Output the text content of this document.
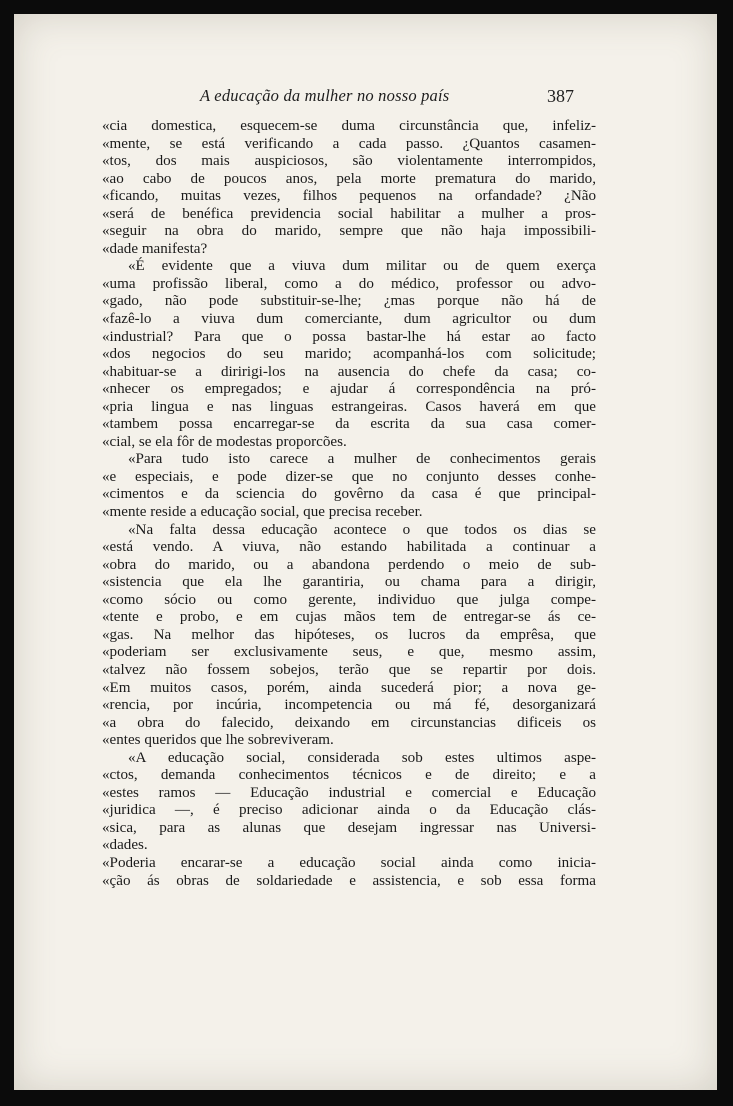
A educação da mulher no nosso país	387
«cia domestica, esquecem-se duma circunstância que, infeliz-
«mente, se está verificando a cada passo. ¿Quantos casamen-
«tos, dos mais auspiciosos, são violentamente interrompidos,
«ao cabo de poucos anos, pela morte prematura do marido,
«ficando, muitas vezes, filhos pequenos na orfandade? ¿Não
«será de benéfica previdencia social habilitar a mulher a pros-
«seguir na obra do marido, sempre que não haja impossibili-
«dade manifesta?
«É evidente que a viuva dum militar ou de quem exerça
«uma profissão liberal, como a do médico, professor ou advo-
«gado, não pode substituir-se-lhe; ¿mas porque não há de
«fazê-lo a viuva dum comerciante, dum agricultor ou dum
«industrial? Para que o possa bastar-lhe há estar ao facto
«dos negocios do seu marido; acompanhá-los com solicitude;
«habituar-se a diririgi-los na ausencia do chefe da casa; co-
«nhecer os empregados; e ajudar á correspondência na pró-
«pria lingua e nas linguas estrangeiras. Casos haverá em que
«tambem possa encarregar-se da escrita da sua casa comer-
«cial, se ela fôr de modestas proporcões.
«Para tudo isto carece a mulher de conhecimentos gerais
«e especiais, e pode dizer-se que no conjunto desses conhe-
«cimentos e da sciencia do govêrno da casa é que principal-
«mente reside a educação social, que precisa receber.
«Na falta dessa educação acontece o que todos os dias se
«está vendo. A viuva, não estando habilitada a continuar a
«obra do marido, ou a abandona perdendo o meio de sub-
«sistencia que ela lhe garantiria, ou chama para a dirigir,
«como sócio ou como gerente, individuo que julga compe-
«tente e probo, e em cujas mãos tem de entregar-se ás ce-
«gas. Na melhor das hipóteses, os lucros da emprêsa, que
«poderiam ser exclusivamente seus, e que, mesmo assim,
«talvez não fossem sobejos, terão que se repartir por dois.
«Em muitos casos, porém, ainda sucederá pior; a nova ge-
«rencia, por incúria, incompetencia ou má fé, desorganizará
«a obra do falecido, deixando em circunstancias dificeis os
«entes queridos que lhe sobreviveram.
«A educação social, considerada sob estes ultimos aspe-
«ctos, demanda conhecimentos técnicos e de direito; e a
«estes ramos — Educação industrial e comercial e Educação
«juridica —, é preciso adicionar ainda o da Educação clás-
«sica, para as alunas que desejam ingressar nas Universi-
«dades.
«Poderia encarar-se a educação social ainda como inicia-
«ção ás obras de soldariedade e assistencia, e sob essa forma
